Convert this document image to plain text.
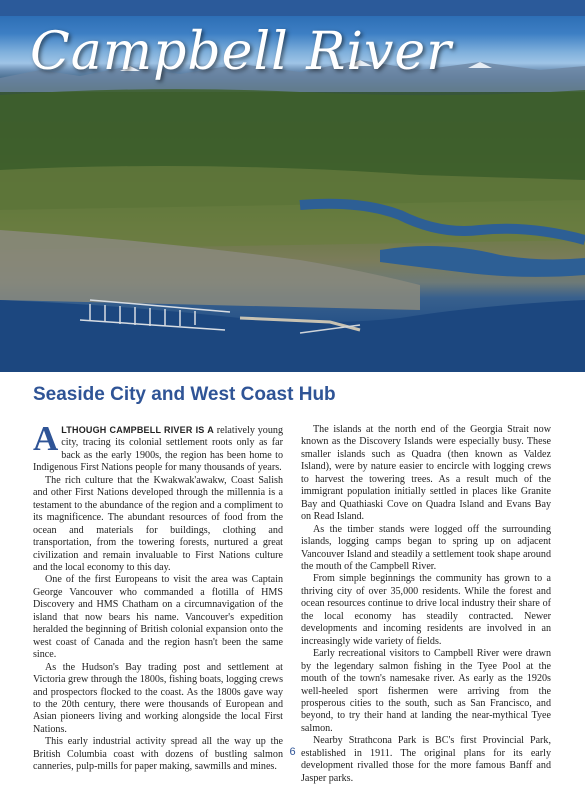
Campbell River
Seaside City and West Coast Hub

ALTHOUGH CAMPBELL RIVER IS A relatively young city, tracing its colonial settlement roots only as far back as the early 1900s, the region has been home to Indigenous First Nations people for many thousands of years.

The rich culture that the Kwakwak'awakw, Coast Salish and other First Nations developed through the millennia is a testament to the abundance of the region and a compliment to its magnificence. The abundant resources of food from the ocean and materials for buildings, clothing and transportation, from the towering forests, nurtured a great civilization and remain invaluable to First Nations culture and the local economy to this day.

One of the first Europeans to visit the area was Captain George Vancouver who commanded a flotilla of HMS Discovery and HMS Chatham on a circumnavigation of the island that now bears his name. Vancouver's expedition heralded the beginning of British colonial expansion onto the west coast of Canada and the region hasn't been the same since.

As the Hudson's Bay trading post and settlement at Victoria grew through the 1800s, fishing boats, logging crews and prospectors flocked to the coast. As the 1800s gave way to the 20th century, there were thousands of European and Asian pioneers living and working alongside the local First Nations.

This early industrial activity spread all the way up the British Columbia coast with dozens of bustling salmon canneries, pulp-mills for paper making, sawmills and mines.

The islands at the north end of the Georgia Strait now known as the Discovery Islands were especially busy. These smaller islands such as Quadra (then known as Valdez Island), were by nature easier to encircle with logging crews to harvest the towering trees. As a result much of the immigrant population initially settled in places like Granite Bay and Quathiaski Cove on Quadra Island and Evans Bay on Read Island.

As the timber stands were logged off the surrounding islands, logging camps began to spring up on adjacent Vancouver Island and steadily a settlement took shape around the mouth of the Campbell River.

From simple beginnings the community has grown to a thriving city of over 35,000 residents. While the forest and ocean resources continue to drive local industry their share of the local economy has steadily contracted. Newer developments and incoming residents are involved in an increasingly wide variety of fields.

Early recreational visitors to Campbell River were drawn by the legendary salmon fishing in the Tyee Pool at the mouth of the town's namesake river. As early as the 1920s well-heeled sport fishermen were arriving from the prosperous cities to the south, such as San Francisco, and beyond, to try their hand at landing the near-mythical Tyee salmon.

Nearby Strathcona Park is BC's first Provincial Park, established in 1911. The original plans for its early development rivalled those for the more famous Banff and Jasper parks.

6
